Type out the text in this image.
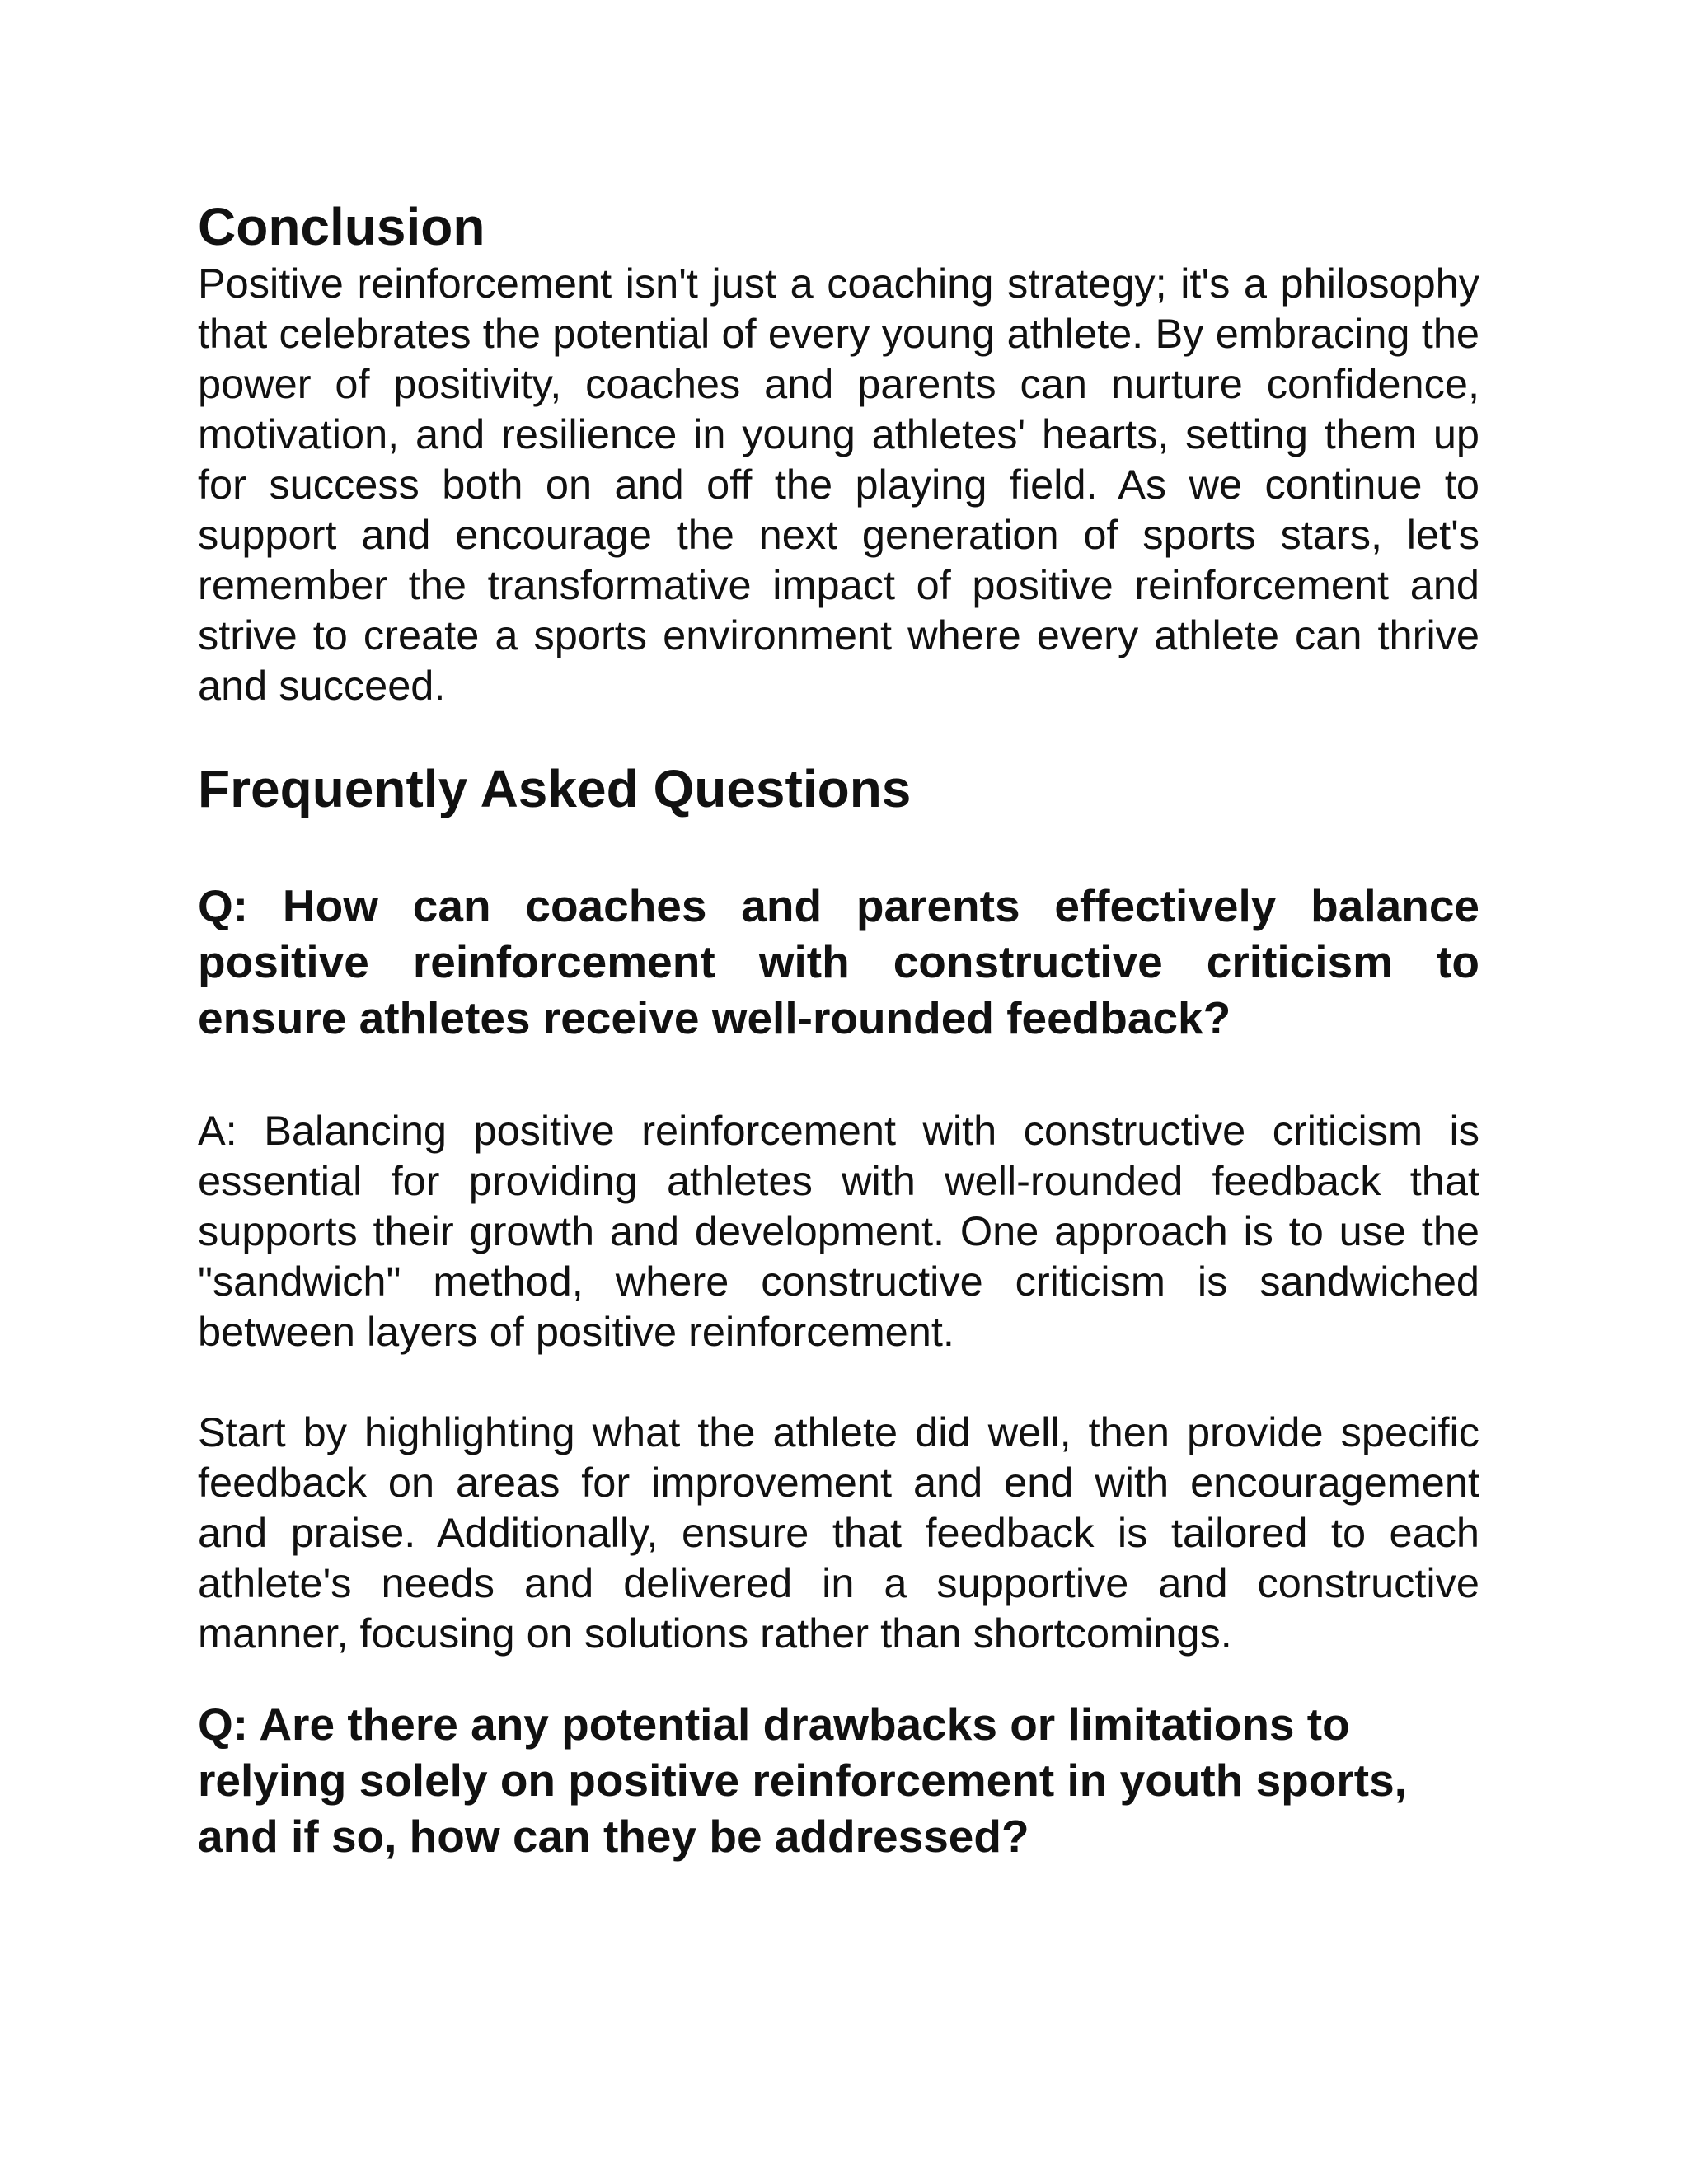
Conclusion

Positive reinforcement isn't just a coaching strategy; it's a philosophy that celebrates the potential of every young athlete. By embracing the power of positivity, coaches and parents can nurture confidence, motivation, and resilience in young athletes' hearts, setting them up for success both on and off the playing field. As we continue to support and encourage the next generation of sports stars, let's remember the transformative impact of positive reinforcement and strive to create a sports environment where every athlete can thrive and succeed.

Frequently Asked Questions

Q: How can coaches and parents effectively balance positive reinforcement with constructive criticism to ensure athletes receive well-rounded feedback?

A: Balancing positive reinforcement with constructive criticism is essential for providing athletes with well-rounded feedback that supports their growth and development. One approach is to use the "sandwich" method, where constructive criticism is sandwiched between layers of positive reinforcement.

Start by highlighting what the athlete did well, then provide specific feedback on areas for improvement and end with encouragement and praise. Additionally, ensure that feedback is tailored to each athlete's needs and delivered in a supportive and constructive manner, focusing on solutions rather than shortcomings.

Q: Are there any potential drawbacks or limitations to relying solely on positive reinforcement in youth sports, and if so, how can they be addressed?
